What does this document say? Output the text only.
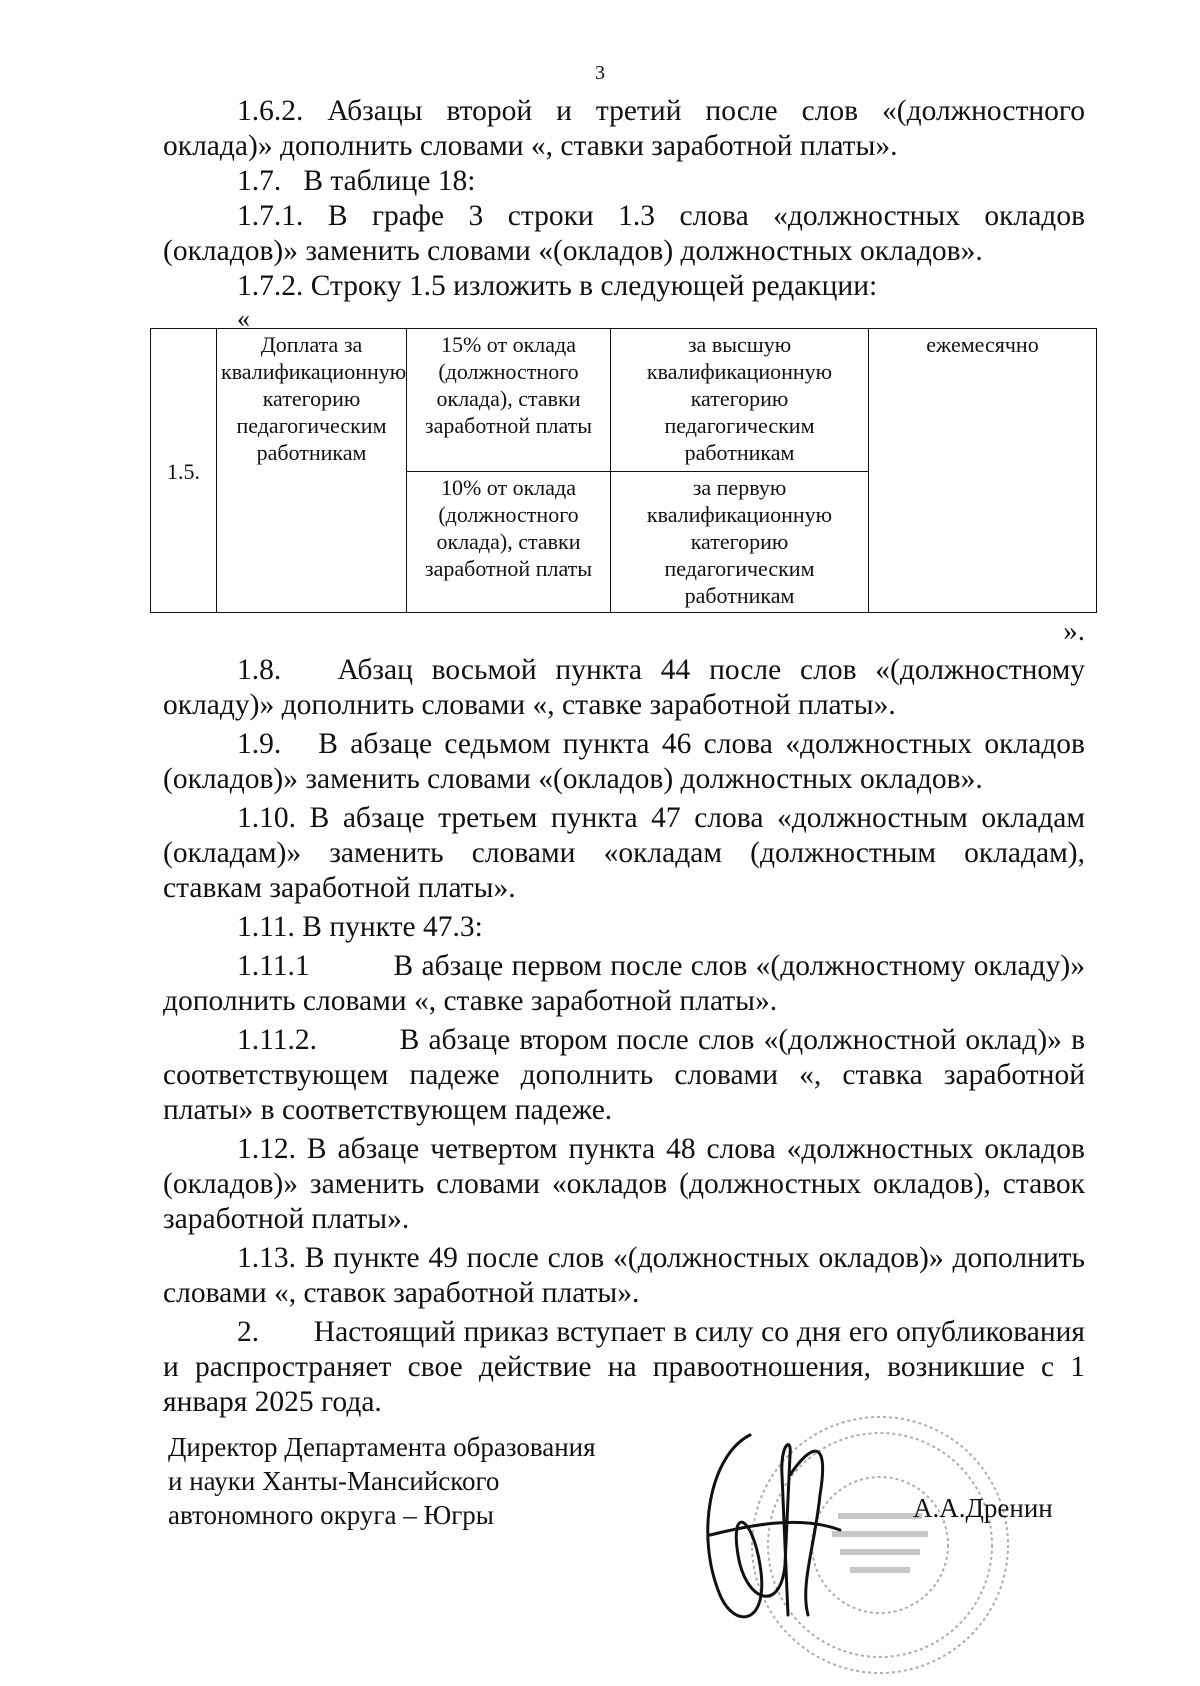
3

1.6.2. Абзацы второй и третий после слов «(должностного оклада)» дополнить словами «, ставки заработной платы».

1.7.   В таблице 18:

1.7.1. В графе 3 строки 1.3 слова «должностных окладов (окладов)» заменить словами «(окладов) должностных окладов».

1.7.2. Строку 1.5 изложить в следующей редакции:

«
1.5.	Доплата за квалификационную категорию педагогическим работникам	15% от оклада (должностного оклада), ставки заработной платы	за высшую квалификационную категорию педагогическим работникам	ежемесячно
		10% от оклада (должностного оклада), ставки заработной платы	за первую квалификационную категорию педагогическим работникам	
».

1.8.   Абзац восьмой пункта 44 после слов «(должностному окладу)» дополнить словами «, ставке заработной платы».

1.9.   В абзаце седьмом пункта 46 слова «должностных окладов (окладов)» заменить словами «(окладов) должностных окладов».

1.10. В абзаце третьем пункта 47 слова «должностным окладам (окладам)» заменить словами «окладам (должностным окладам), ставкам заработной платы».

1.11. В пункте 47.3:

1.11.1          В абзаце первом после слов «(должностному окладу)» дополнить словами «, ставке заработной платы».

1.11.2.         В абзаце втором после слов «(должностной оклад)» в соответствующем падеже дополнить словами «, ставка заработной платы» в соответствующем падеже.

1.12. В абзаце четвертом пункта 48 слова «должностных окладов (окладов)» заменить словами «окладов (должностных окладов), ставок заработной платы».

1.13. В пункте 49 после слов «(должностных окладов)» дополнить словами «, ставок заработной платы».

2.       Настоящий приказ вступает в силу со дня его опубликования и распространяет свое действие на правоотношения, возникшие с 1 января 2025 года.

Директор Департамента образования
и науки Ханты-Мансийского
автономного округа – Югры	А.А.Дренин
